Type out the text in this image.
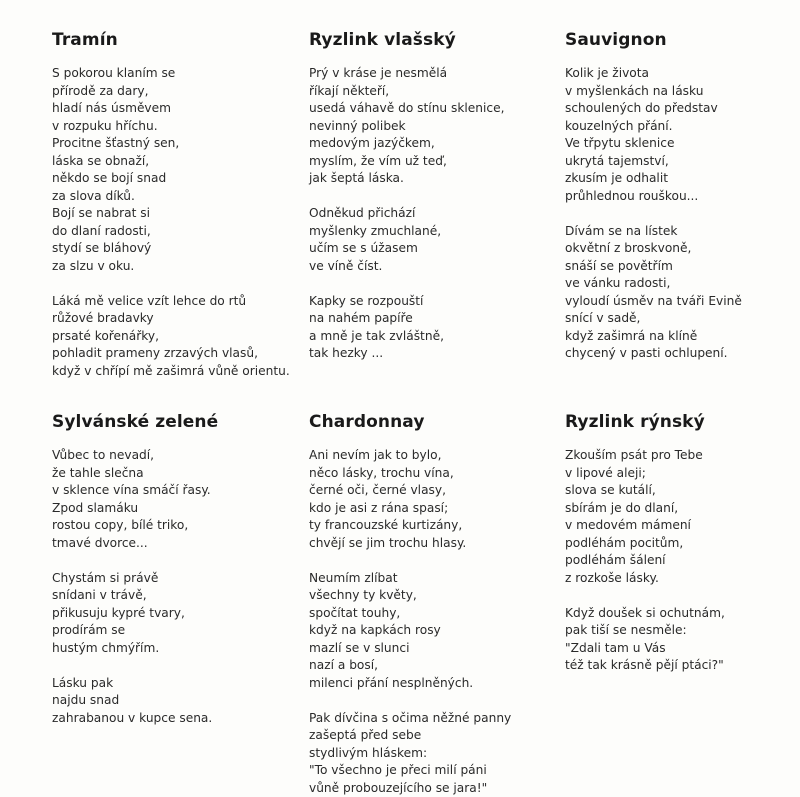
Tramín
S pokorou klaním se
přírodě za dary,
hladí nás úsměvem
v rozpuku hříchu.
Procitne šťastný sen,
láska se obnaží,
někdo se bojí snad
za slova díků.
Bojí se nabrat si
do dlaní radosti,
stydí se bláhový
za slzu v oku.
Láká mě velice vzít lehce do rtů
růžové bradavky
prsaté kořenářky,
pohladit prameny zrzavých vlasů,
když v chřípí mě zašimrá vůně orientu.
Ryzlink vlašský
Prý v kráse je nesmělá
říkají někteří,
usedá váhavě do stínu sklenice,
nevinný polibek
medovým jazýčkem,
myslím, že vím už teď,
jak šeptá láska.
Odněkud přichází
myšlenky zmuchlané,
učím se s úžasem
ve víně číst.
Kapky se rozpouští
na nahém papíře
a mně je tak zvláštně,
tak hezky ...
Sauvignon
Kolik je života
v myšlenkách na lásku
schoulených do představ
kouzelných přání.
Ve třpytu sklenice
ukrytá tajemství,
zkusím je odhalit
průhlednou rouškou...
Dívám se na lístek
okvětní z broskvoně,
snáší se povětřím
ve vánku radosti,
vyloudí úsměv na tváři Evině
snící v sadě,
když zašimrá na klíně
chycený v pasti ochlupení.
Sylvánské zelené
Vůbec to nevadí,
že tahle slečna
v sklence vína smáčí řasy.
Zpod slamáku
rostou copy, bílé triko,
tmavé dvorce...
Chystám si právě
snídani v trávě,
přikusuju kypré tvary,
prodírám se
hustým chmýřím.
Lásku pak
najdu snad
zahrabanou v kupce sena.
Chardonnay
Ani nevím jak to bylo,
něco lásky, trochu vína,
černé oči, černé vlasy,
kdo je asi z rána spasí;
ty francouzské kurtizány,
chvějí se jim trochu hlasy.
Neumím zlíbat
všechny ty květy,
spočítat touhy,
když na kapkách rosy
mazlí se v slunci
nazí a bosí,
milenci přání nesplněných.
Pak dívčina s očima něžné panny
zašeptá před sebe
stydlivým hláskem:
"To všechno je přeci milí páni
vůně probouzejícího se jara!"
Ryzlink rýnský
Zkouším psát pro Tebe
v lipové aleji;
slova se kutálí,
sbírám je do dlaní,
v medovém mámení
podléhám pocitům,
podléhám šálení
z rozkoše lásky.
Když doušek si ochutnám,
pak tiší se nesměle:
"Zdali tam u Vás
též tak krásně pějí ptáci?"
